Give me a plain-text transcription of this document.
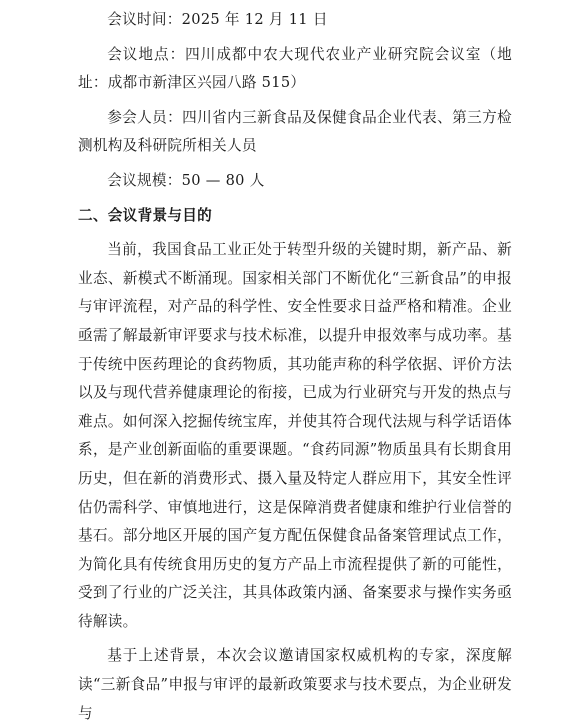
会议时间：2025 年 12 月 11 日

会议地点：四川成都中农大现代农业产业研究院会议室（地址：成都市新津区兴园八路 515）

参会人员：四川省内三新食品及保健食品企业代表、第三方检测机构及科研院所相关人员

会议规模：50 — 80 人

二、会议背景与目的

当前，我国食品工业正处于转型升级的关键时期，新产品、新业态、新模式不断涌现。国家相关部门不断优化“三新食品”的申报与审评流程，对产品的科学性、安全性要求日益严格和精准。企业亟需了解最新审评要求与技术标准，以提升申报效率与成功率。基于传统中医药理论的食药物质，其功能声称的科学依据、评价方法以及与现代营养健康理论的衔接，已成为行业研究与开发的热点与难点。如何深入挖掘传统宝库，并使其符合现代法规与科学话语体系，是产业创新面临的重要课题。“食药同源”物质虽具有长期食用历史，但在新的消费形式、摄入量及特定人群应用下，其安全性评估仍需科学、审慎地进行，这是保障消费者健康和维护行业信誉的基石。部分地区开展的国产复方配伍保健食品备案管理试点工作，为简化具有传统食用历史的复方产品上市流程提供了新的可能性，受到了行业的广泛关注，其具体政策内涵、备案要求与操作实务亟待解读。

基于上述背景，本次会议邀请国家权威机构的专家，深度解读“三新食品”申报与审评的最新政策要求与技术要点，为企业研发与
